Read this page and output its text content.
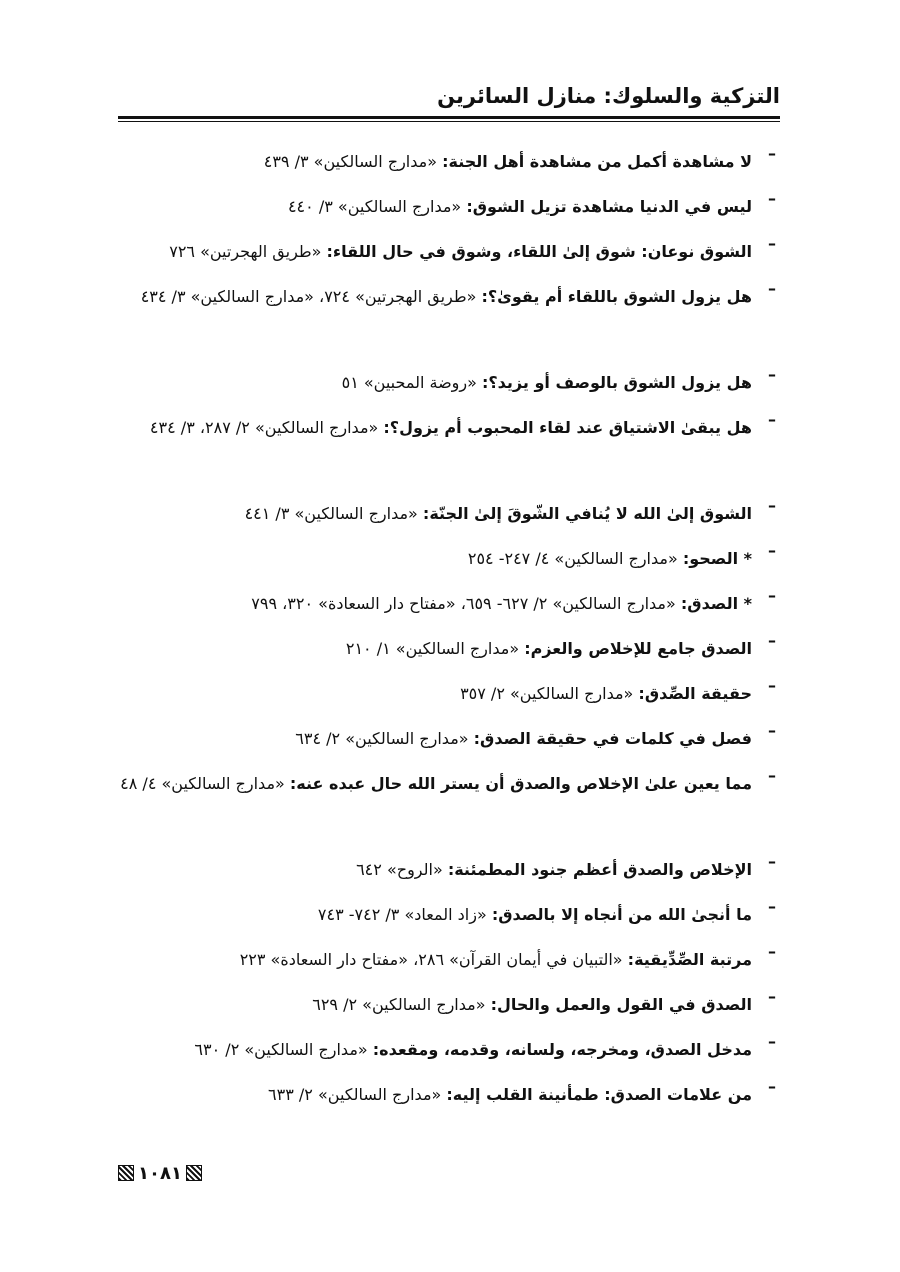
التزكية والسلوك: منازل السائرين
–
لا مشاهدة أكمل من مشاهدة أهل الجنة: «مدارج السالكين» ٣/ ٤٣٩
–
ليس في الدنيا مشاهدة تزيل الشوق: «مدارج السالكين» ٣/ ٤٤٠
–
الشوق نوعان: شوق إلىٰ اللقاء، وشوق في حال اللقاء: «طريق الهجرتين» ٧٢٦
–
هل يزول الشوق باللقاء أم يقوىٰ؟: «طريق الهجرتين» ٧٢٤، «مدارج السالكين» ٣/ ٤٣٤
–
هل يزول الشوق بالوصف أو يزيد؟: «روضة المحبين» ٥١
–
هل يبقىٰ الاشتياق عند لقاء المحبوب أم يزول؟: «مدارج السالكين» ٢/ ٢٨٧، ٣/ ٤٣٤
–
الشوق إلىٰ الله لا يُنافي الشّوقَ إلىٰ الجنّة: «مدارج السالكين» ٣/ ٤٤١
–
* الصحو: «مدارج السالكين» ٤/ ٢٤٧- ٢٥٤
–
* الصدق: «مدارج السالكين» ٢/ ٦٢٧- ٦٥٩، «مفتاح دار السعادة» ٣٢٠، ٧٩٩
–
الصدق جامع للإخلاص والعزم: «مدارج السالكين» ١/ ٢١٠
–
حقيقة الصِّدق: «مدارج السالكين» ٢/ ٣٥٧
–
فصل في كلمات في حقيقة الصدق: «مدارج السالكين» ٢/ ٦٣٤
–
مما يعين علىٰ الإخلاص والصدق أن يستر الله حال عبده عنه: «مدارج السالكين» ٤/ ٤٨
–
الإخلاص والصدق أعظم جنود المطمئنة: «الروح» ٦٤٢
–
ما أنجىٰ الله من أنجاه إلا بالصدق: «زاد المعاد» ٣/ ٧٤٢- ٧٤٣
–
مرتبة الصِّدِّيقية: «التبيان في أيمان القرآن» ٢٨٦، «مفتاح دار السعادة» ٢٢٣
–
الصدق في القول والعمل والحال: «مدارج السالكين» ٢/ ٦٢٩
–
مدخل الصدق، ومخرجه، ولسانه، وقدمه، ومقعده: «مدارج السالكين» ٢/ ٦٣٠
–
من علامات الصدق: طمأنينة القلب إليه: «مدارج السالكين» ٢/ ٦٣٣
١٠٨١
